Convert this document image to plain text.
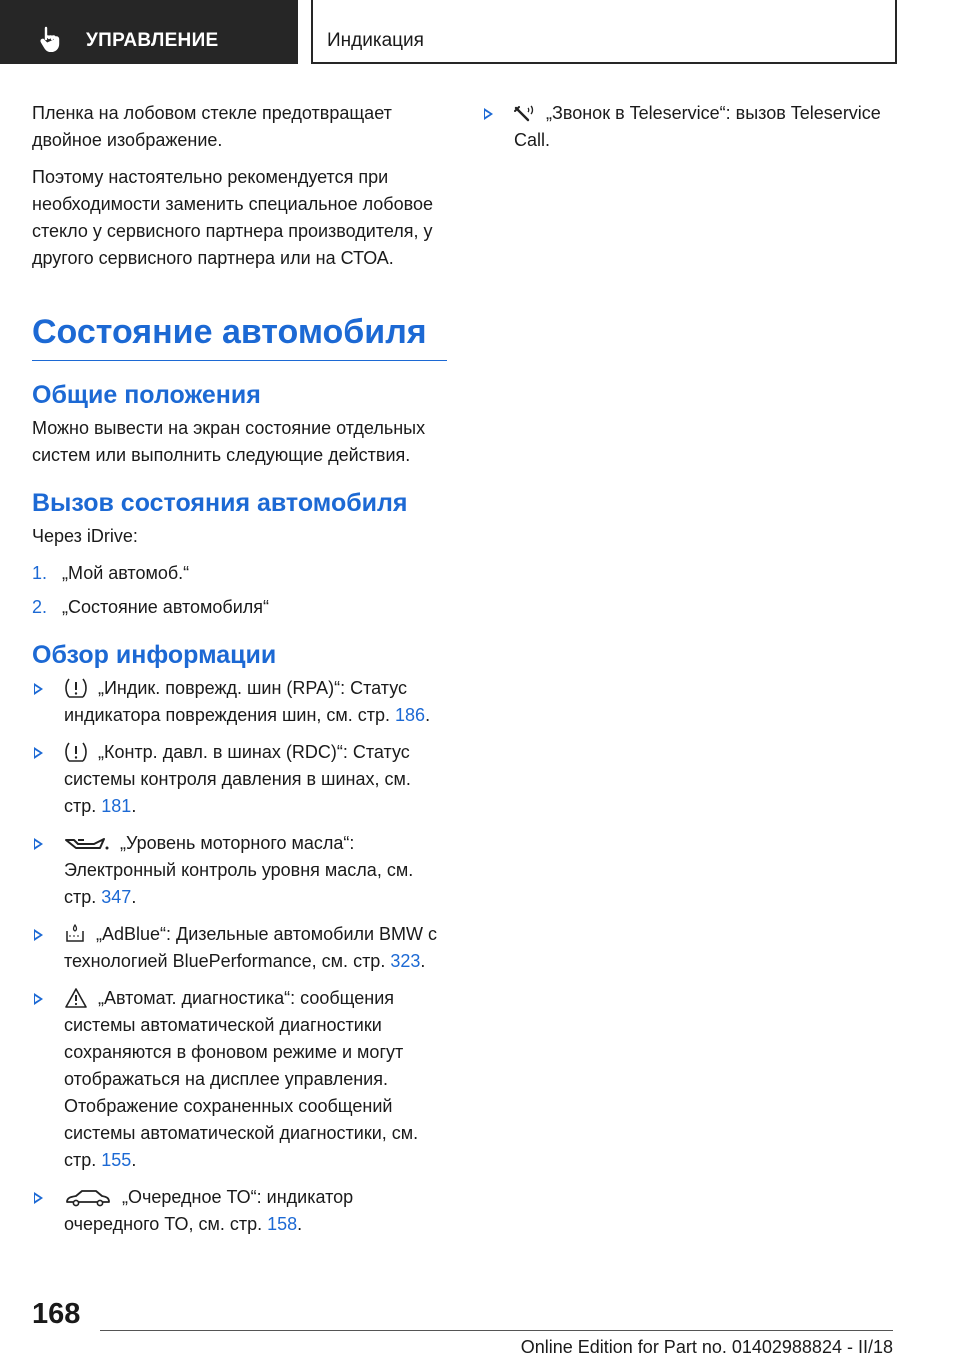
УПРАВЛЕНИЕ	Индикация

Пленка на лобовом стекле предотвращает двойное изображение.

Поэтому настоятельно рекомендуется при необходимости заменить специальное лобовое стекло у сервисного партнера производителя, у другого сервисного партнера или на СТОА.

Состояние автомобиля
Общие положения

Можно вывести на экран состояние отдельных систем или выполнить следующие действия.

Вызов состояния автомобиля

Через iDrive:

1. „Мой автомоб.“
2. „Состояние автомобиля“
Обзор информации
„Индик. поврежд. шин (RPA)“: Статус индикатора повреждения шин, см. стр. 186.
„Контр. давл. в шинах (RDC)“: Статус системы контроля давления в шинах, см. стр. 181.
„Уровень моторного масла“: Электронный контроль уровня масла, см. стр. 347.
„AdBlue“: Дизельные автомобили BMW с технологией BluePerformance, см. стр. 323.
„Автомат. диагностика“: сообщения системы автоматической диагностики сохраняются в фоновом режиме и могут отображаться на дисплее управления. Отображение сохраненных сообщений системы автоматической диагностики, см. стр. 155.
„Очередное ТО“: индикатор очередного ТО, см. стр. 158.
„Звонок в Teleservice“: вызов Teleservice Call.
168
Online Edition for Part no. 01402988824 - II/18
